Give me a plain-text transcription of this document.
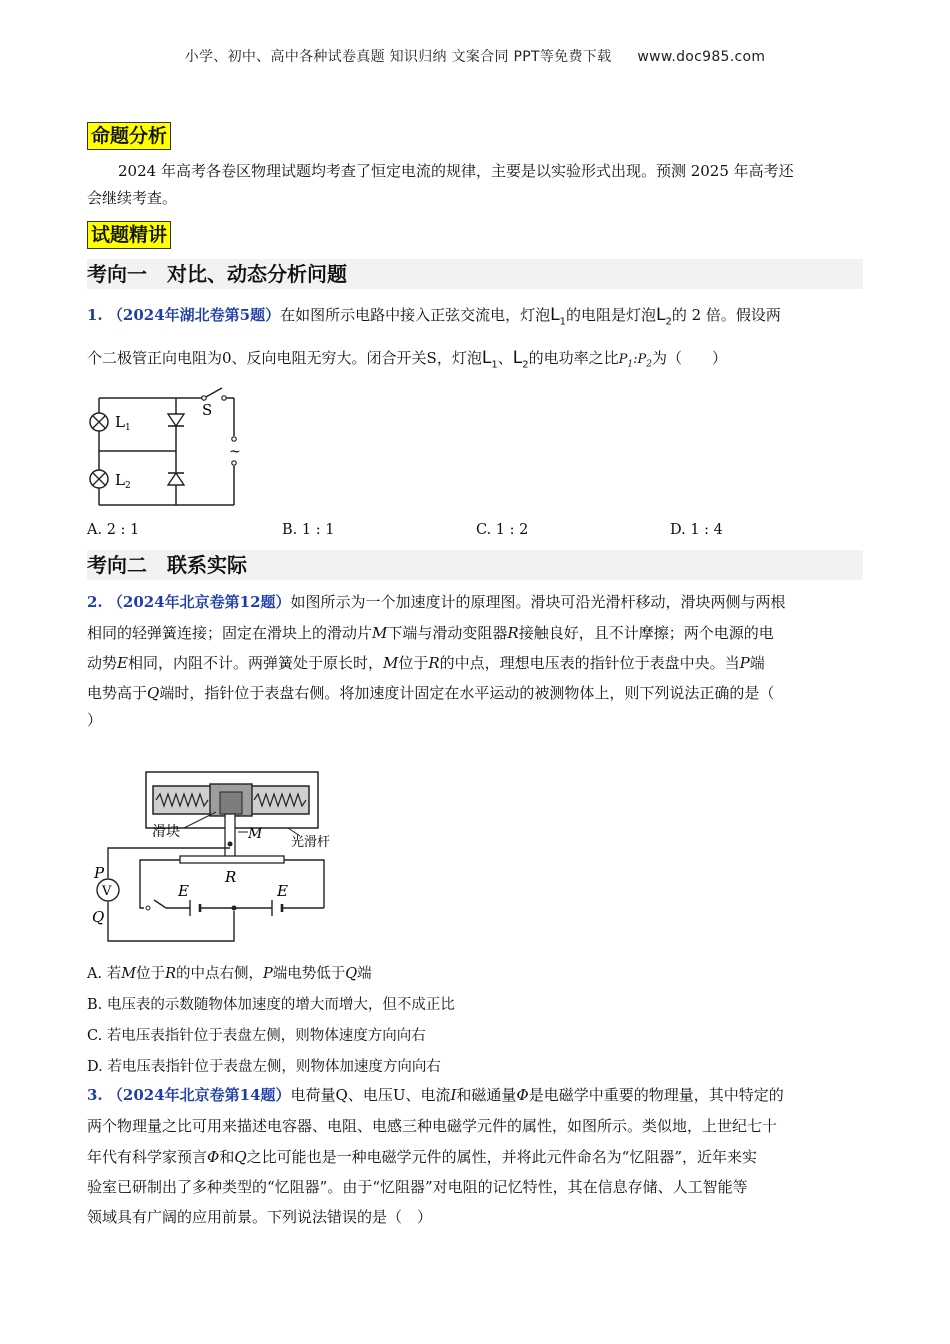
小学、初中、高中各种试卷真题 知识归纳 文案合同 PPT等免费下载 www.doc985.com
命题分析
2024 年高考各卷区物理试题均考查了恒定电流的规律，主要是以实验形式出现。预测 2025 年高考还
会继续考查。
试题精讲
考向一　对比、动态分析问题
1. （2024年湖北卷第5题）在如图所示电路中接入正弦交流电，灯泡$L_1$的电阻是灯泡$L_2$的 2 倍。假设两
个二极管正向电阻为0、反向电阻无穷大。闭合开关S，灯泡$L_1$、$L_2$的电功率之比$P_1:P_2$为（　　）
~
$L_1$
$L_2$
S
A. 2 : 1	B. 1 : 1	C. 1 : 2	D. 1 : 4
考向二　联系实际
2. （2024年北京卷第12题）如图所示为一个加速度计的原理图。滑块可沿光滑杆移动，滑块两侧与两根
相同的轻弹簧连接；固定在滑块上的滑动片M下端与滑动变阻器R接触良好，且不计摩擦；两个电源的电
动势E相同，内阻不计。两弹簧处于原长时，M位于R的中点，理想电压表的指针位于表盘中央。当P端
电势高于Q端时，指针位于表盘右侧。将加速度计固定在水平运动的被测物体上，则下列说法正确的是（
）
V
滑块	M
光滑杆
R
P
Q
E	E
A. 若M位于R的中点右侧，P端电势低于Q端
B. 电压表的示数随物体加速度的增大而增大，但不成正比
C. 若电压表指针位于表盘左侧，则物体速度方向向右
D. 若电压表指针位于表盘左侧，则物体加速度方向向右
3. （2024年北京卷第14题）电荷量Q、电压U、电流I和磁通量Φ是电磁学中重要的物理量，其中特定的
两个物理量之比可用来描述电容器、电阻、电感三种电磁学元件的属性，如图所示。类似地，上世纪七十
年代有科学家预言Φ和Q之比可能也是一种电磁学元件的属性，并将此元件命名为“忆阻器”，近年来实
验室已研制出了多种类型的“忆阻器”。由于“忆阻器”对电阻的记忆特性，其在信息存储、人工智能等
领域具有广阔的应用前景。下列说法错误的是（　）
